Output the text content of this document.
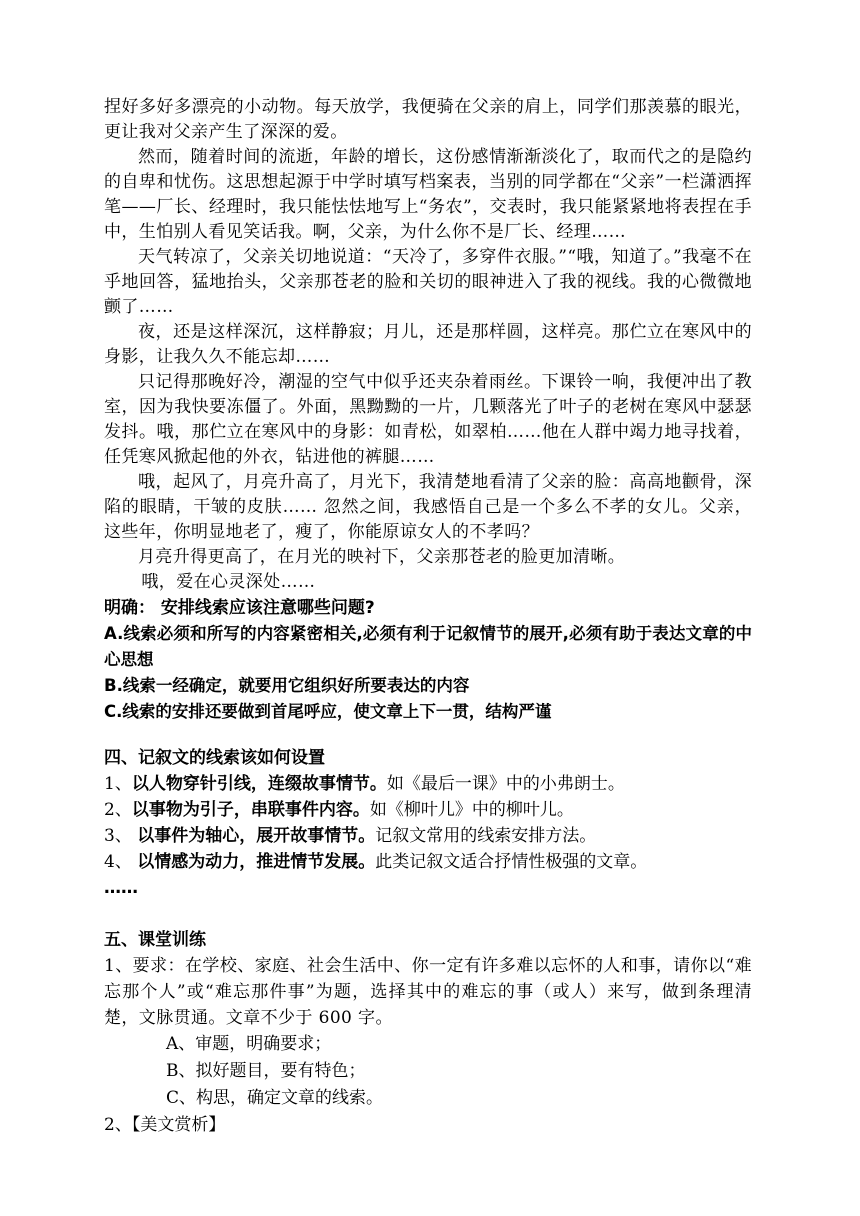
捏好多好多漂亮的小动物。每天放学，我便骑在父亲的肩上，同学们那羡慕的眼光，更让我对父亲产生了深深的爱。

然而，随着时间的流逝，年龄的增长，这份感情渐渐淡化了，取而代之的是隐约的自卑和忧伤。这思想起源于中学时填写档案表，当别的同学都在“父亲”一栏潇洒挥笔——厂长、经理时，我只能怯怯地写上“务农”，交表时，我只能紧紧地将表捏在手中，生怕别人看见笑话我。啊，父亲，为什么你不是厂长、经理……

天气转凉了，父亲关切地说道：“天冷了，多穿件衣服。”“哦，知道了。”我毫不在乎地回答，猛地抬头，父亲那苍老的脸和关切的眼神进入了我的视线。我的心微微地颤了……

夜，还是这样深沉，这样静寂；月儿，还是那样圆，这样亮。那伫立在寒风中的身影，让我久久不能忘却……

只记得那晚好冷，潮湿的空气中似乎还夹杂着雨丝。下课铃一响，我便冲出了教室，因为我快要冻僵了。外面，黑黝黝的一片，几颗落光了叶子的老树在寒风中瑟瑟发抖。哦，那伫立在寒风中的身影：如青松，如翠柏……他在人群中竭力地寻找着，任凭寒风掀起他的外衣，钻进他的裤腿……

哦，起风了，月亮升高了，月光下，我清楚地看清了父亲的脸：高高地颧骨，深陷的眼睛，干皱的皮肤…… 忽然之间，我感悟自己是一个多么不孝的女儿。父亲，这些年，你明显地老了，瘦了，你能原谅女人的不孝吗？

月亮升得更高了，在月光的映衬下，父亲那苍老的脸更加清晰。

哦，爱在心灵深处……

明确： 安排线索应该注意哪些问题?

A.线索必须和所写的内容紧密相关,必须有利于记叙情节的展开,必须有助于表达文章的中心思想

B.线索一经确定，就要用它组织好所要表达的内容

C.线索的安排还要做到首尾呼应，使文章上下一贯，结构严谨

四、记叙文的线索该如何设置

1、以人物穿针引线，连缀故事情节。如《最后一课》中的小弗朗士。

2、以事物为引子，串联事件内容。如《柳叶儿》中的柳叶儿。

3、 以事件为轴心，展开故事情节。记叙文常用的线索安排方法。

4、 以情感为动力，推进情节发展。此类记叙文适合抒情性极强的文章。

……

五、课堂训练

1、要求：在学校、家庭、社会生活中、你一定有许多难以忘怀的人和事，请你以“难忘那个人”或“难忘那件事”为题，选择其中的难忘的事（或人）来写，做到条理清楚，文脉贯通。文章不少于 600 字。

A、审题，明确要求；

B、拟好题目，要有特色；

C、构思，确定文章的线索。

2、【美文赏析】
